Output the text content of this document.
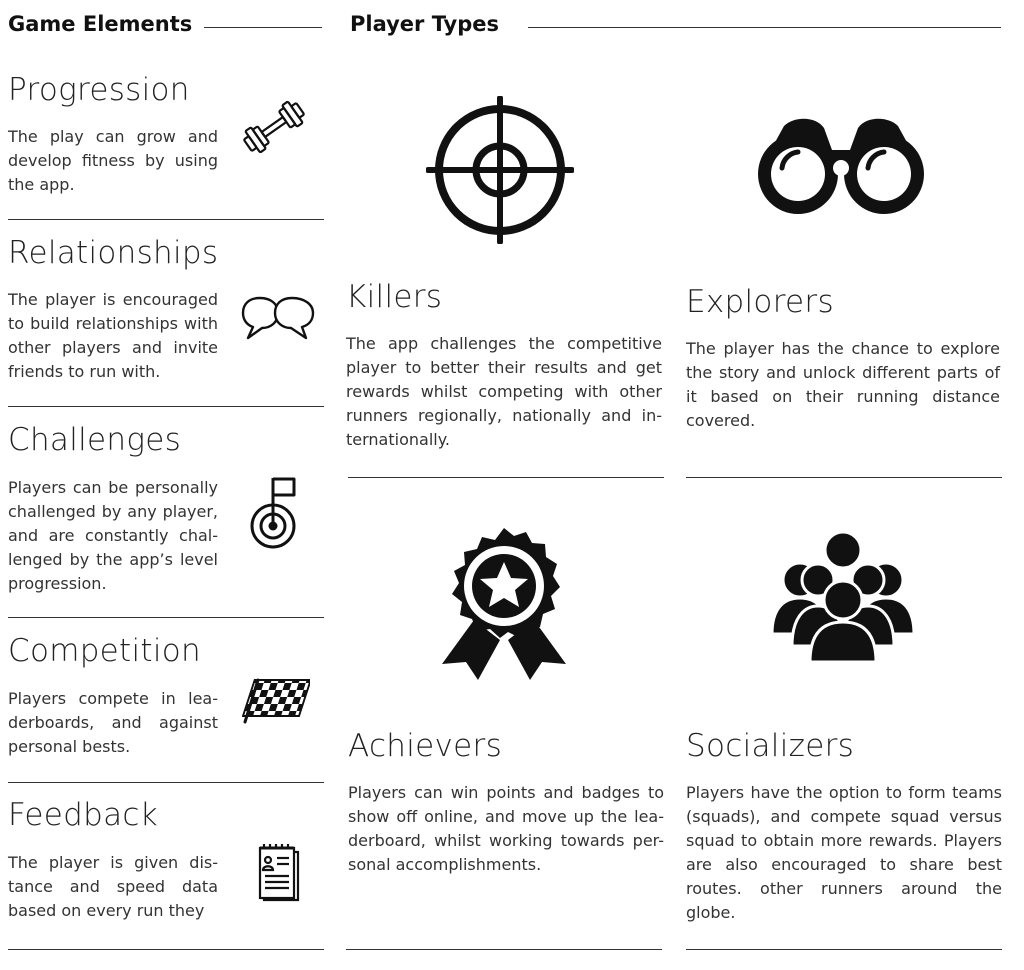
Game Elements	Player Types
Progression
The play can grow and develop fitness by using the app.
Relationships
The player is encouraged to build relationships with other players and invite friends to run with.
Challenges
Players can be personally challenged by any player, and are constantly chal- lenged by the app’s level progression.
Competition
Players compete in lea- derboards, and against personal bests.
Feedback
The player is given dis- tance and speed data based on every run they
Killers
The app challenges the competitive player to better their results and get rewards whilst competing with other runners regionally, nationally and in- ternationally.
Explorers
The player has the chance to explore the story and unlock different parts of it based on their running distance covered.
Achievers
Players can win points and badges to show off online, and move up the lea- derboard, whilst working towards per- sonal accomplishments.
Socializers
Players have the option to form teams (squads), and compete squad versus squad to obtain more rewards. Players are also encouraged to share best routes. other runners around the globe.
